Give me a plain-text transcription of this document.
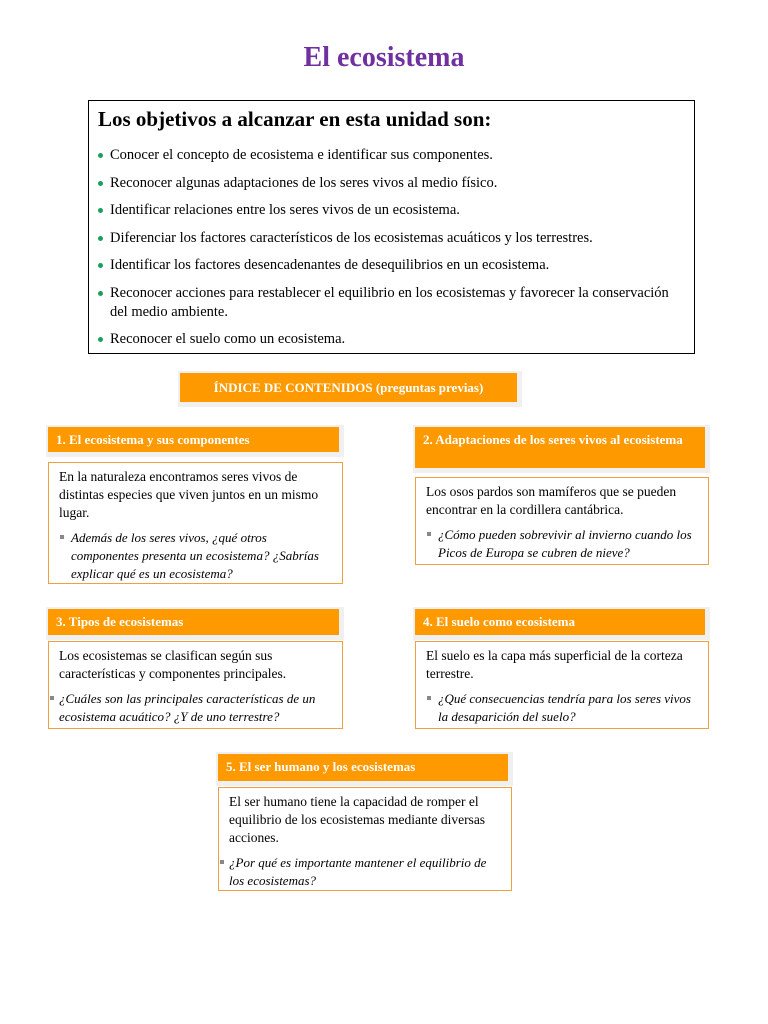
El ecosistema
Los objetivos a alcanzar en esta unidad son:
Conocer el concepto de ecosistema e identificar sus componentes.
Reconocer algunas adaptaciones de los seres vivos al medio físico.
Identificar relaciones entre los seres vivos de un ecosistema.
Diferenciar los factores característicos de los ecosistemas acuáticos y los terrestres.
Identificar los factores desencadenantes de desequilibrios en un ecosistema.
Reconocer acciones para restablecer el equilibrio en los ecosistemas y favorecer la conservación del medio ambiente.
Reconocer el suelo como un ecosistema.
ÍNDICE DE CONTENIDOS (preguntas previas)
1. El ecosistema y sus componentes

En la naturaleza encontramos seres vivos de distintas especies que viven juntos en un mismo lugar.

Además de los seres vivos, ¿qué otros componentes presenta un ecosistema? ¿Sabrías explicar qué es un ecosistema?
2. Adaptaciones de los seres vivos al ecosistema

Los osos pardos son mamíferos que se pueden encontrar en la cordillera cantábrica.

¿Cómo pueden sobrevivir al invierno cuando los Picos de Europa se cubren de nieve?
3. Tipos de ecosistemas

Los ecosistemas se clasifican según sus características y componentes principales.

¿Cuáles son las principales características de un ecosistema acuático? ¿Y de uno terrestre?
4. El suelo como ecosistema

El suelo es la capa más superficial de la corteza terrestre.

¿Qué consecuencias tendría para los seres vivos la desaparición del suelo?
5. El ser humano y los ecosistemas

El ser humano tiene la capacidad de romper el equilibrio de los ecosistemas mediante diversas acciones.

¿Por qué es importante mantener el equilibrio de los ecosistemas?
